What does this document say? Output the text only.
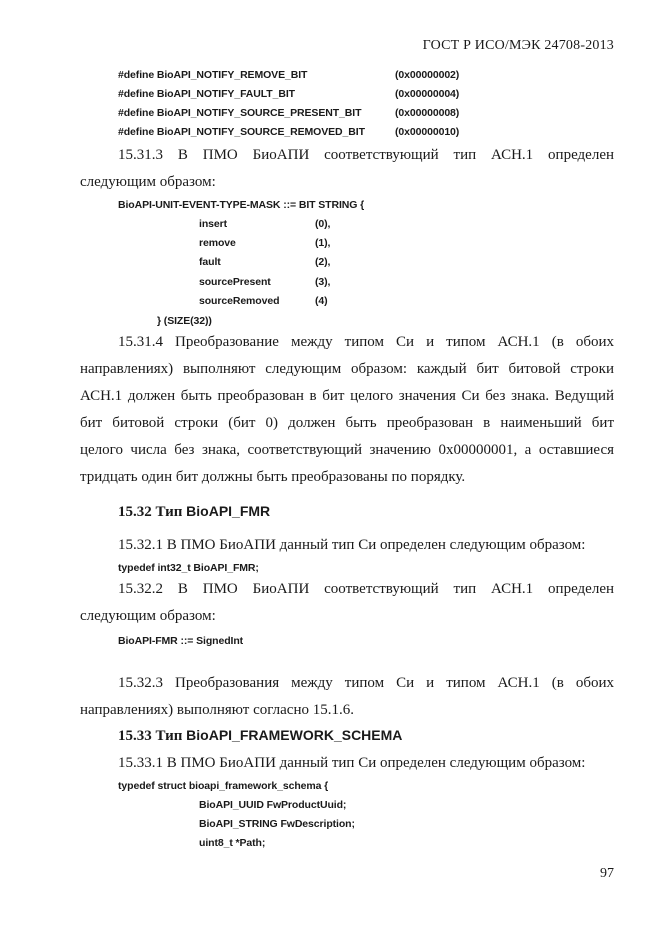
ГОСТ Р ИСО/МЭК 24708-2013
#define BioAPI_NOTIFY_REMOVE_BIT	(0x00000002)
#define BioAPI_NOTIFY_FAULT_BIT	(0x00000004)
#define BioAPI_NOTIFY_SOURCE_PRESENT_BIT	(0x00000008)
#define BioAPI_NOTIFY_SOURCE_REMOVED_BIT	(0x00000010)
15.31.3 В ПМО БиоАПИ соответствующий тип АСН.1 определен
следующим образом:
BioAPI-UNIT-EVENT-TYPE-MASK ::= BIT STRING {
insert	(0),
remove	(1),
fault	(2),
sourcePresent	(3),
sourceRemoved	(4)
} (SIZE(32))
15.31.4 Преобразование между типом Си и типом АСН.1 (в обоих
направлениях) выполняют следующим образом: каждый бит битовой строки
АСН.1 должен быть преобразован в бит целого значения Си без знака. Ведущий
бит битовой строки (бит 0) должен быть преобразован в наименьший бит
целого числа без знака, соответствующий значению 0x00000001, а оставшиеся
тридцать один бит должны быть преобразованы по порядку.
15.32 Тип BioAPI_FMR
15.32.1 В ПМО БиоАПИ данный тип Си определен следующим образом:
typedef int32_t BioAPI_FMR;
15.32.2 В ПМО БиоАПИ соответствующий тип АСН.1 определен
следующим образом:
BioAPI-FMR ::= SignedInt
15.32.3 Преобразования между типом Си и типом АСН.1 (в обоих
направлениях) выполняют согласно 15.1.6.
15.33 Тип BioAPI_FRAMEWORK_SCHEMA
15.33.1 В ПМО БиоАПИ данный тип Си определен следующим образом:
typedef struct bioapi_framework_schema {
BioAPI_UUID FwProductUuid;
BioAPI_STRING FwDescription;
uint8_t *Path;
97
